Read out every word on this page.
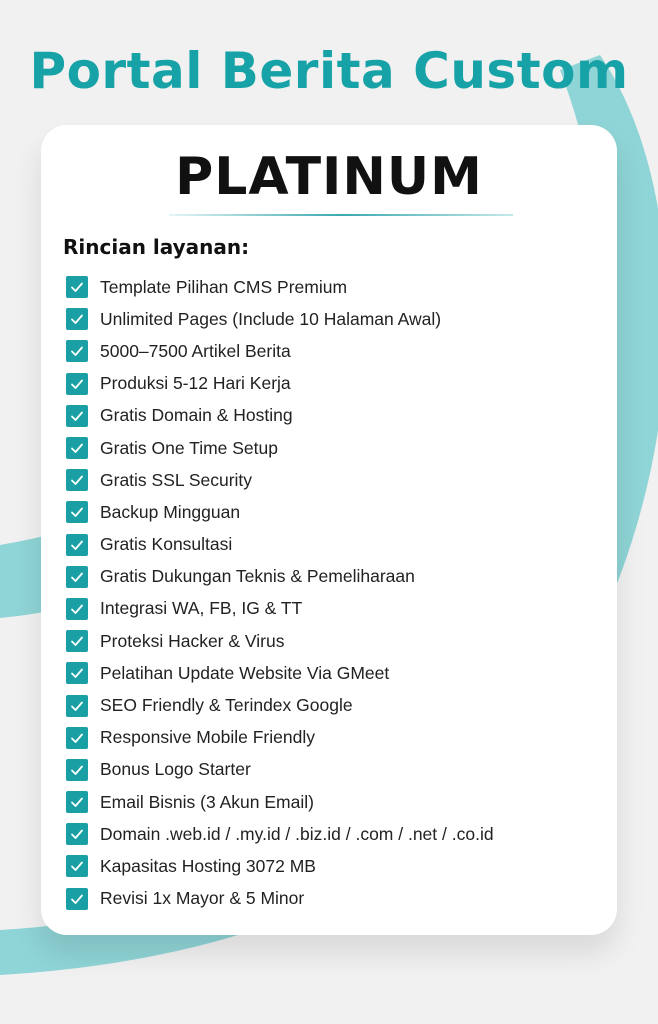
Portal Berita Custom
PLATINUM
Rincian layanan:
Template Pilihan CMS Premium
Unlimited Pages (Include 10 Halaman Awal)
5000–7500 Artikel Berita
Produksi 5-12 Hari Kerja
Gratis Domain & Hosting
Gratis One Time Setup
Gratis SSL Security
Backup Mingguan
Gratis Konsultasi
Gratis Dukungan Teknis & Pemeliharaan
Integrasi WA, FB, IG & TT
Proteksi Hacker & Virus
Pelatihan Update Website Via GMeet
SEO Friendly & Terindex Google
Responsive Mobile Friendly
Bonus Logo Starter
Email Bisnis (3 Akun Email)
Domain .web.id / .my.id / .biz.id / .com / .net / .co.id
Kapasitas Hosting 3072 MB
Revisi 1x Mayor & 5 Minor
